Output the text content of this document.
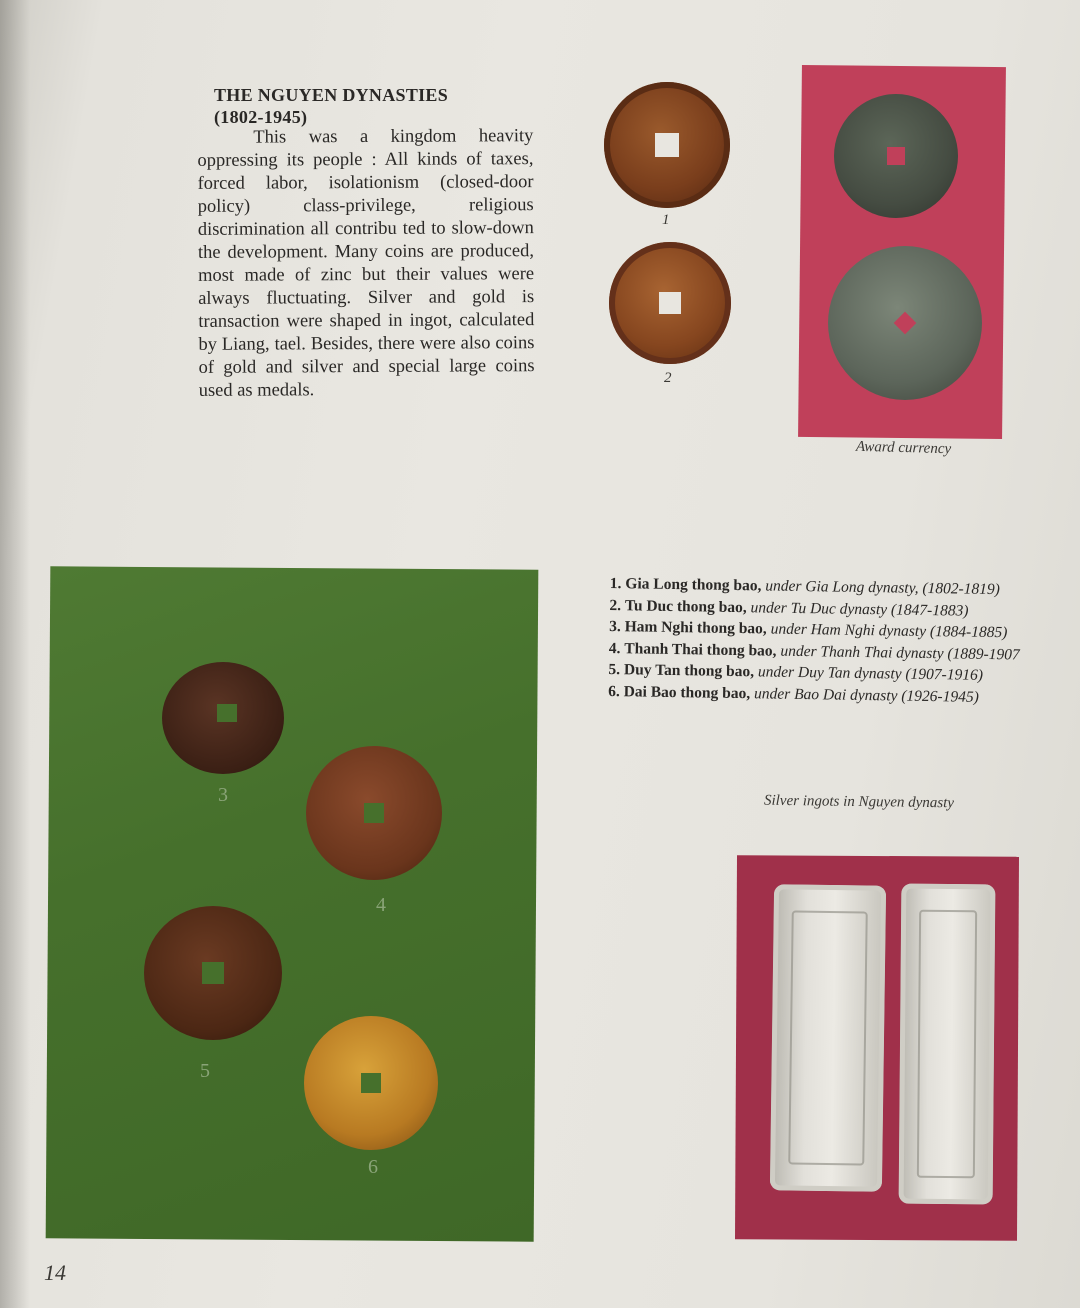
THE NGUYEN DYNASTIES
(1802-1945)
This was a kingdom heavity oppressing its people : All kinds of taxes, forced labor, isolationism (closed-door policy) class-privilege, religious discrimination all contribu ted to slow-down the development. Many coins are produced, most made of zinc but their values were always fluctuating. Silver and gold is transaction were shaped in ingot, calculated by Liang, tael. Besides, there were also coins of gold and silver and special large coins used as medals.
1
2
Award currency
3
4
5
6
1. Gia Long thong bao, under Gia Long dynasty, (1802-1819)
2. Tu Duc thong bao, under Tu Duc dynasty (1847-1883)
3. Ham Nghi thong bao, under Ham Nghi dynasty (1884-1885)
4. Thanh Thai thong bao, under Thanh Thai dynasty (1889-1907
5. Duy Tan thong bao, under Duy Tan dynasty (1907-1916)
6. Dai Bao thong bao, under Bao Dai dynasty (1926-1945)
Silver ingots in Nguyen dynasty
14
